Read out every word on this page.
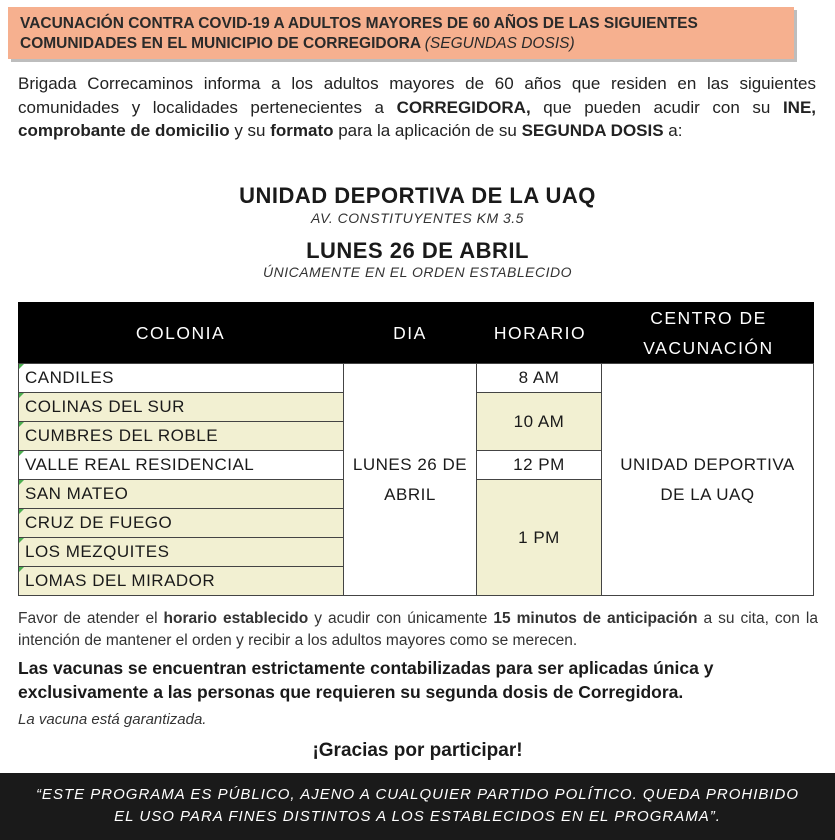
VACUNACIÓN CONTRA COVID-19 A ADULTOS MAYORES DE 60 AÑOS DE LAS SIGUIENTES
COMUNIDADES EN EL MUNICIPIO DE CORREGIDORA (SEGUNDAS DOSIS)
Brigada Correcaminos informa a los adultos mayores de 60 años que residen en las siguientes comunidades y localidades pertenecientes a CORREGIDORA, que pueden acudir con su INE, comprobante de domicilio y su formato para la aplicación de su SEGUNDA DOSIS a:
UNIDAD DEPORTIVA DE LA UAQ
AV. CONSTITUYENTES KM 3.5
LUNES 26 DE ABRIL
ÚNICAMENTE EN EL ORDEN ESTABLECIDO
COLONIA	DIA	HORARIO
CENTRO DE VACUNACIÓN
CANDILES
COLINAS DEL SUR
CUMBRES DEL ROBLE
VALLE REAL RESIDENCIAL
SAN MATEO
CRUZ DE FUEGO
LOS MEZQUITES
LOMAS DEL MIRADOR
LUNES 26 DE ABRIL
8 AM
10 AM
12 PM
1 PM
UNIDAD DEPORTIVA DE LA UAQ
Favor de atender el horario establecido y acudir con únicamente 15 minutos de anticipación a su cita, con la intención de mantener el orden y recibir a los adultos mayores como se merecen.
Las vacunas se encuentran estrictamente contabilizadas para ser aplicadas única y exclusivamente a las personas que requieren su segunda dosis de Corregidora.
La vacuna está garantizada.
¡Gracias por participar!
“ESTE PROGRAMA ES PÚBLICO, AJENO A CUALQUIER PARTIDO POLÍTICO. QUEDA PROHIBIDO
EL USO PARA FINES DISTINTOS A LOS ESTABLECIDOS EN EL PROGRAMA”.
